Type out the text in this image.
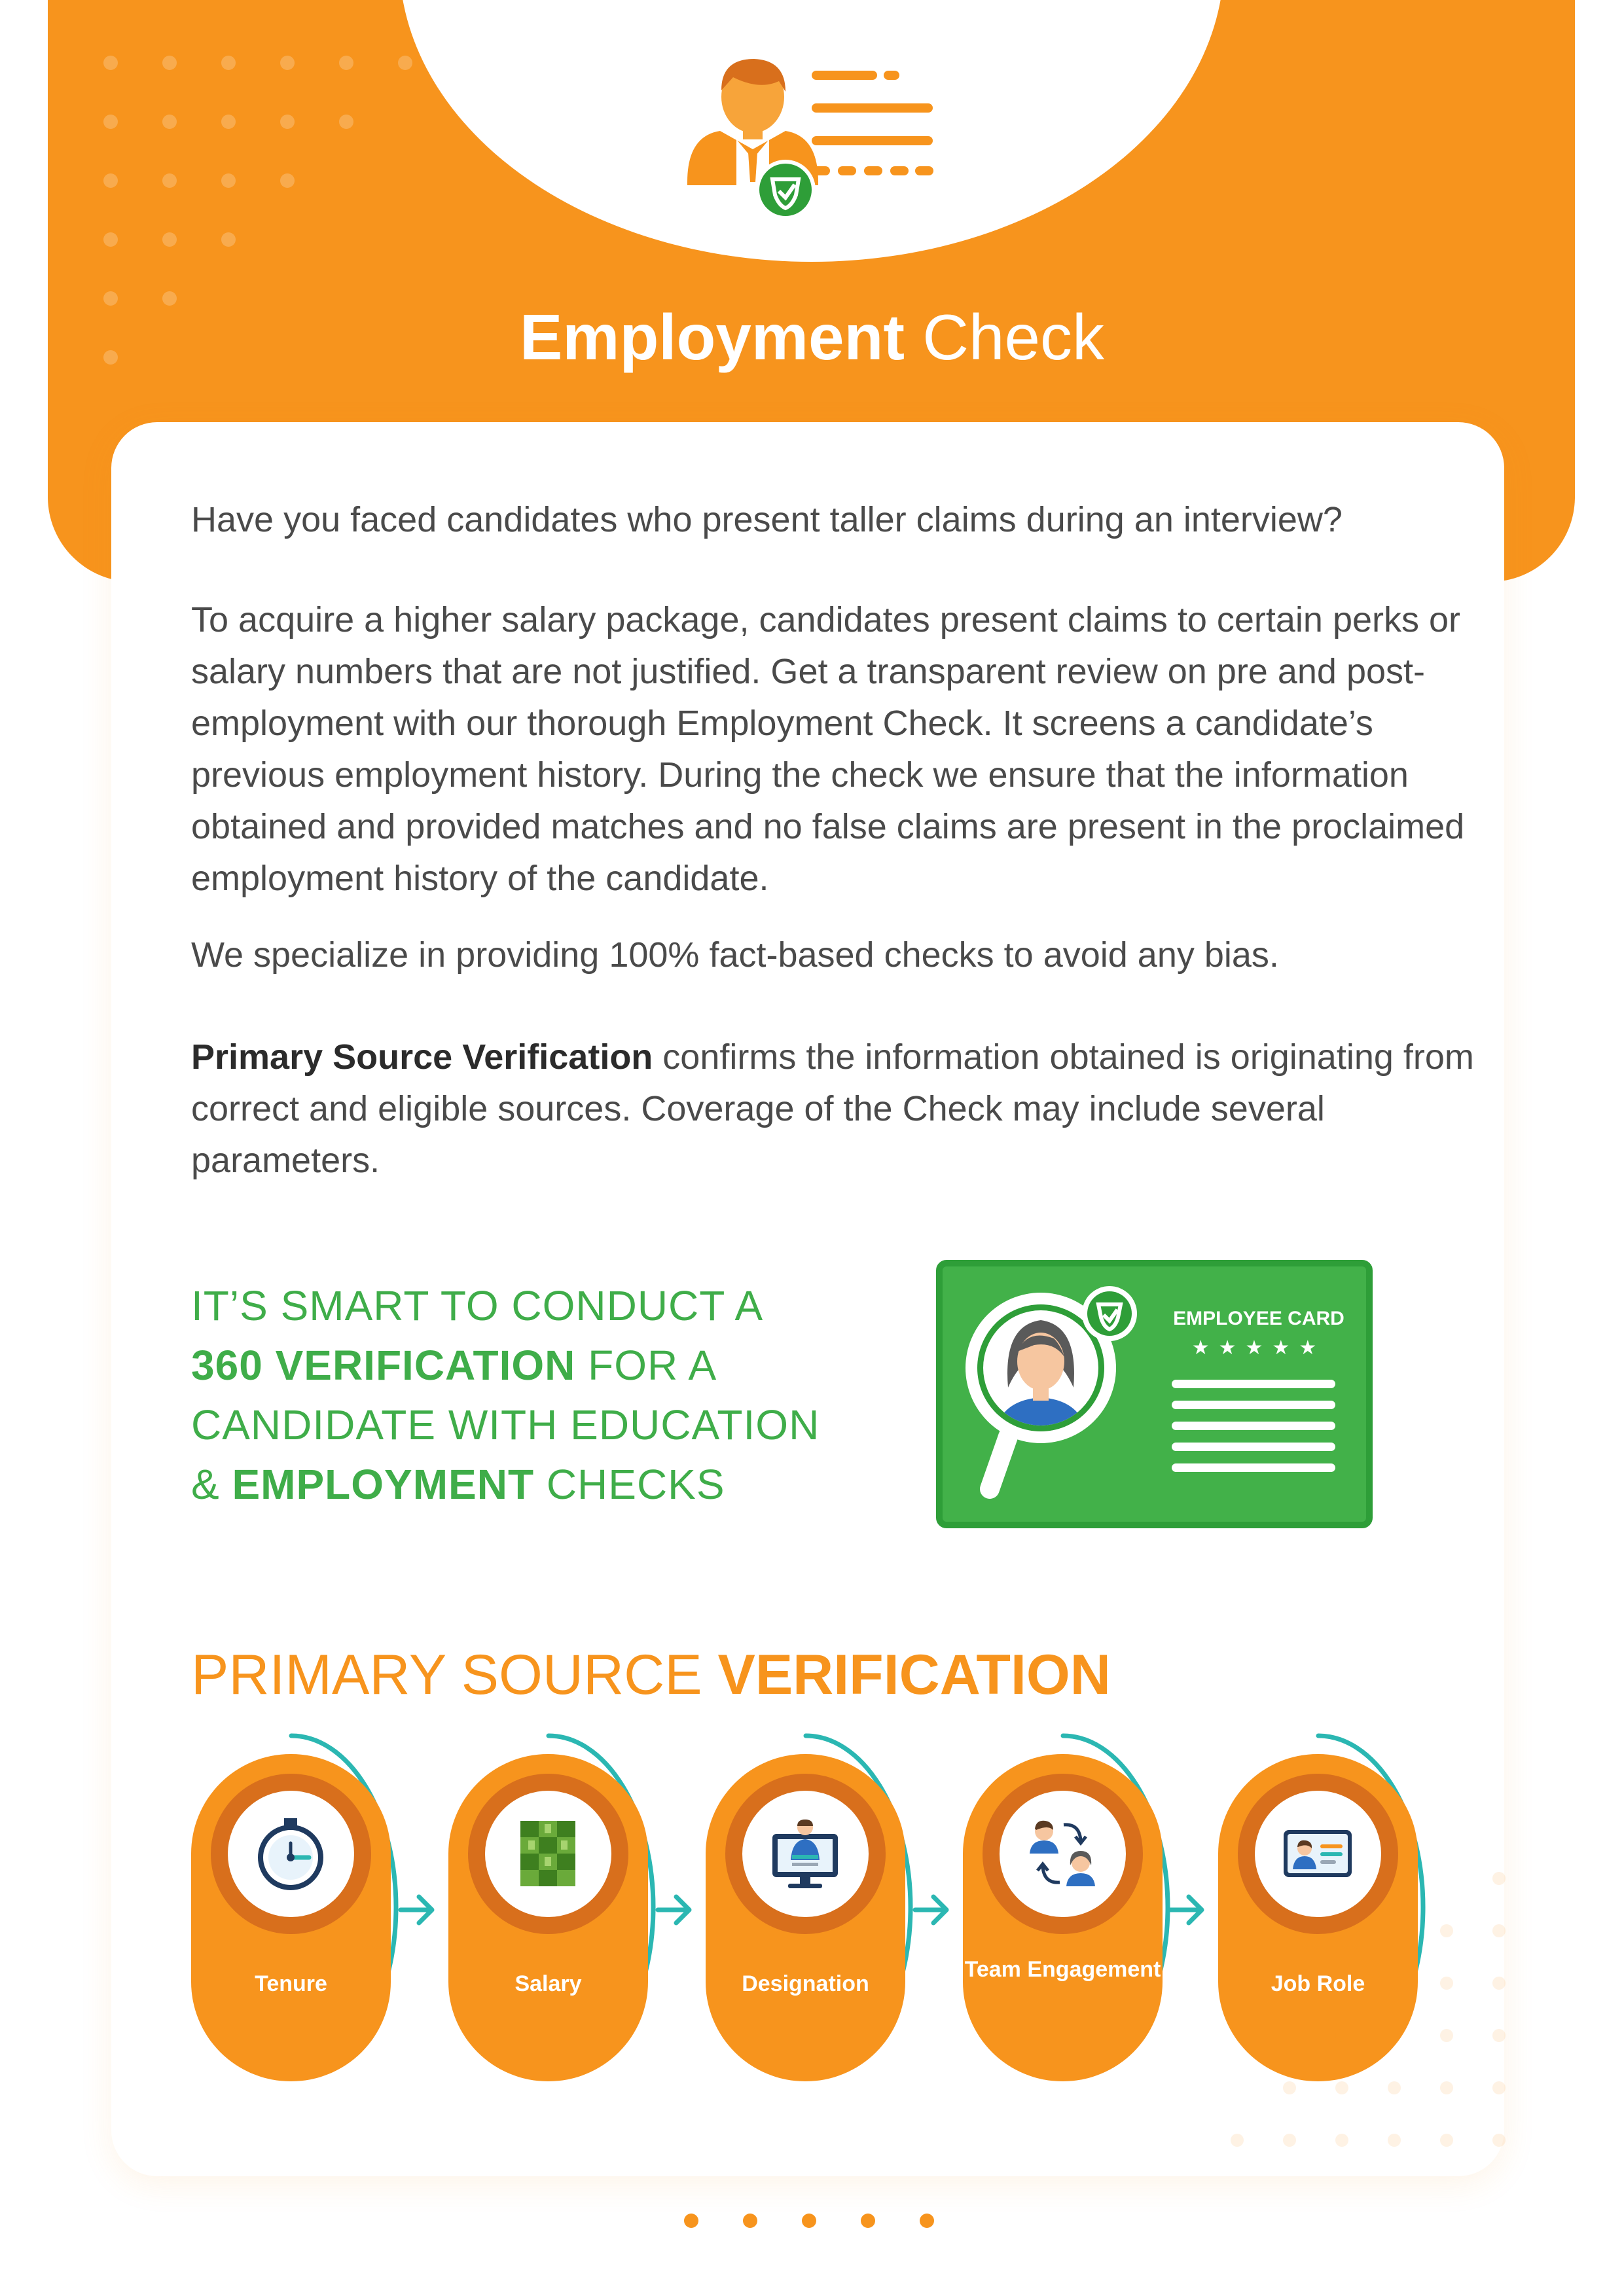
Employment Check
Have you faced candidates who present taller claims during an interview?
To acquire a higher salary package, candidates present claims to certain perks or salary numbers that are not justified. Get a transparent review on pre and post-employment with our thorough Employment Check. It screens a candidate’s previous employment history. During the check we ensure that the information obtained and provided matches and no false claims are present in the proclaimed employment history of the candidate.
We specialize in providing 100% fact-based checks to avoid any bias.
Primary Source Verification confirms the information obtained is originating from correct and eligible sources. Coverage of the Check may include several parameters.
IT’S SMART TO CONDUCT A
360 VERIFICATION FOR A
CANDIDATE WITH EDUCATION
& EMPLOYMENT CHECKS
EMPLOYEE CARD
★★★★★
PRIMARY SOURCE VERIFICATION
Tenure	Salary	Designation
Team Engagement
Job Role
